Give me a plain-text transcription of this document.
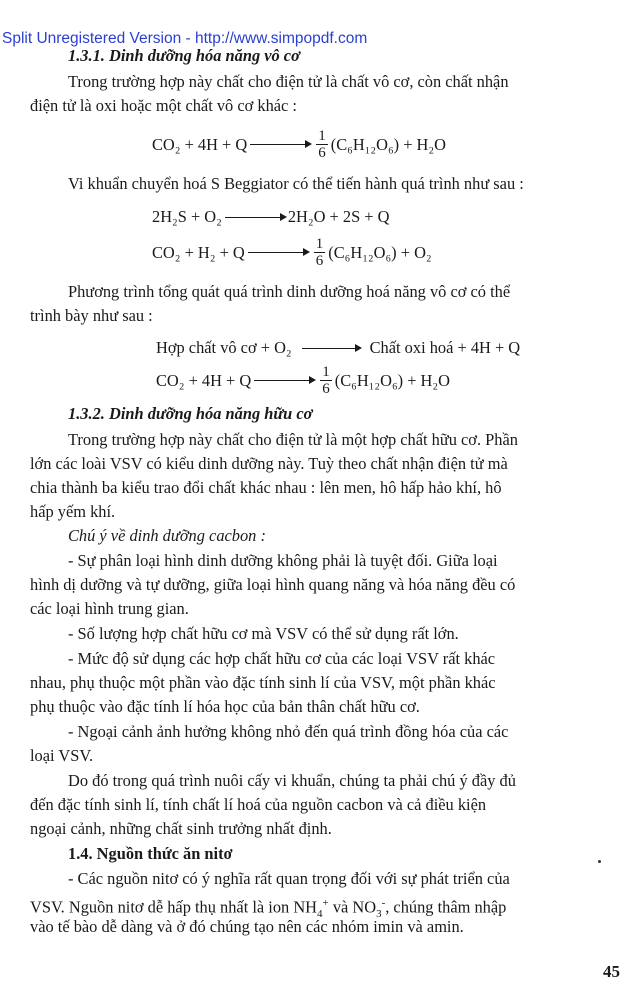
Split Unregistered Version - http://www.simpopdf.com
1.3.1. Dinh dưỡng hóa năng vô cơ
Trong trường hợp này chất cho điện tử là chất vô cơ, còn chất nhận
điện tử là oxi hoặc một chất vô cơ khác :
$CO_2 + 4H + Q \to \frac{1}{6} (C_6H_{12}O_6) + H_2O$
Vi khuẩn chuyển hoá S Beggiator có thể tiến hành quá trình như sau :
2H₂S + O₂ → 2H₂O + 2S + Q
$CO_2 + H_2 + Q \to \frac{1}{6} (C_6H_{12}O_6) + O_2$
Phương trình tổng quát quá trình dinh dưỡng hoá năng vô cơ có thể
trình bày như sau :
Hợp chất vô cơ + O₂ → Chất oxi hoá + 4H + Q
$CO_2 + 4H + Q \to \frac{1}{6} (C_6H_{12}O_6) + H_2O$
1.3.2. Dinh dưỡng hóa năng hữu cơ
Trong trường hợp này chất cho điện tử là một hợp chất hữu cơ. Phần
lớn các loài VSV có kiểu dinh dưỡng này. Tuỳ theo chất nhận điện tử mà
chia thành ba kiểu trao đổi chất khác nhau : lên men, hô hấp hảo khí, hô
hấp yếm khí.
Chú ý về dinh dưỡng cacbon :
- Sự phân loại hình dinh dưỡng không phải là tuyệt đối. Giữa loại
hình dị dưỡng và tự dưỡng, giữa loại hình quang năng và hóa năng đều có
các loại hình trung gian.
- Số lượng hợp chất hữu cơ mà VSV có thể sử dụng rất lớn.
- Mức độ sử dụng các hợp chất hữu cơ của các loại VSV rất khác
nhau, phụ thuộc một phần vào đặc tính sinh lí của VSV, một phần khác
phụ thuộc vào đặc tính lí hóa học của bản thân chất hữu cơ.
- Ngoại cảnh ảnh hưởng không nhỏ đến quá trình đồng hóa của các
loại VSV.
Do đó trong quá trình nuôi cấy vi khuẩn, chúng ta phải chú ý đầy đủ
đến đặc tính sinh lí, tính chất lí hoá của nguồn cacbon và cả điều kiện
ngoại cảnh, những chất sinh trưởng nhất định.
1.4. Nguồn thức ăn nitơ
- Các nguồn nitơ có ý nghĩa rất quan trọng đối với sự phát triển của
VSV. Nguồn nitơ dễ hấp thụ nhất là ion $NH_4^+$ và $NO_3^-$, chúng thâm nhập
vào tế bào dễ dàng và ở đó chúng tạo nên các nhóm imin và amin.
45
